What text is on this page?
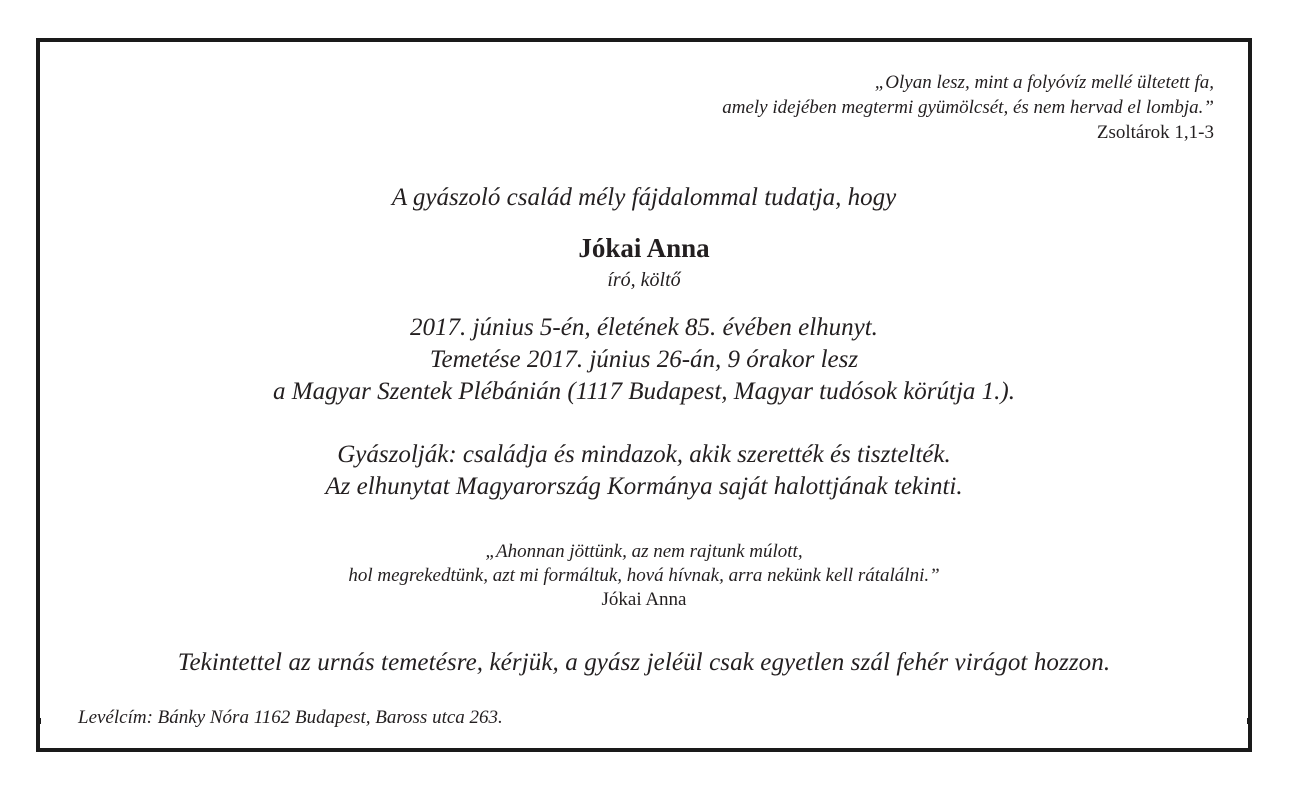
„Olyan lesz, mint a folyóvíz mellé ültetett fa,
amely idejében megtermi gyümölcsét, és nem hervad el lombja.”
Zsoltárok 1,1-3
A gyászoló család mély fájdalommal tudatja, hogy
Jókai Anna
író, költő
2017. június 5-én, életének 85. évében elhunyt.
Temetése 2017. június 26-án, 9 órakor lesz
a Magyar Szentek Plébánián (1117 Budapest, Magyar tudósok körútja 1.).
Gyászolják: családja és mindazok, akik szerették és tisztelték.
Az elhunytat Magyarország Kormánya saját halottjának tekinti.
„Ahonnan jöttünk, az nem rajtunk múlott,
hol megrekedtünk, azt mi formáltuk, hová hívnak, arra nekünk kell rátalálni.”
Jókai Anna
Tekintettel az urnás temetésre, kérjük, a gyász jeléül csak egyetlen szál fehér virágot hozzon.
Levélcím: Bánky Nóra 1162 Budapest, Baross utca 263.
